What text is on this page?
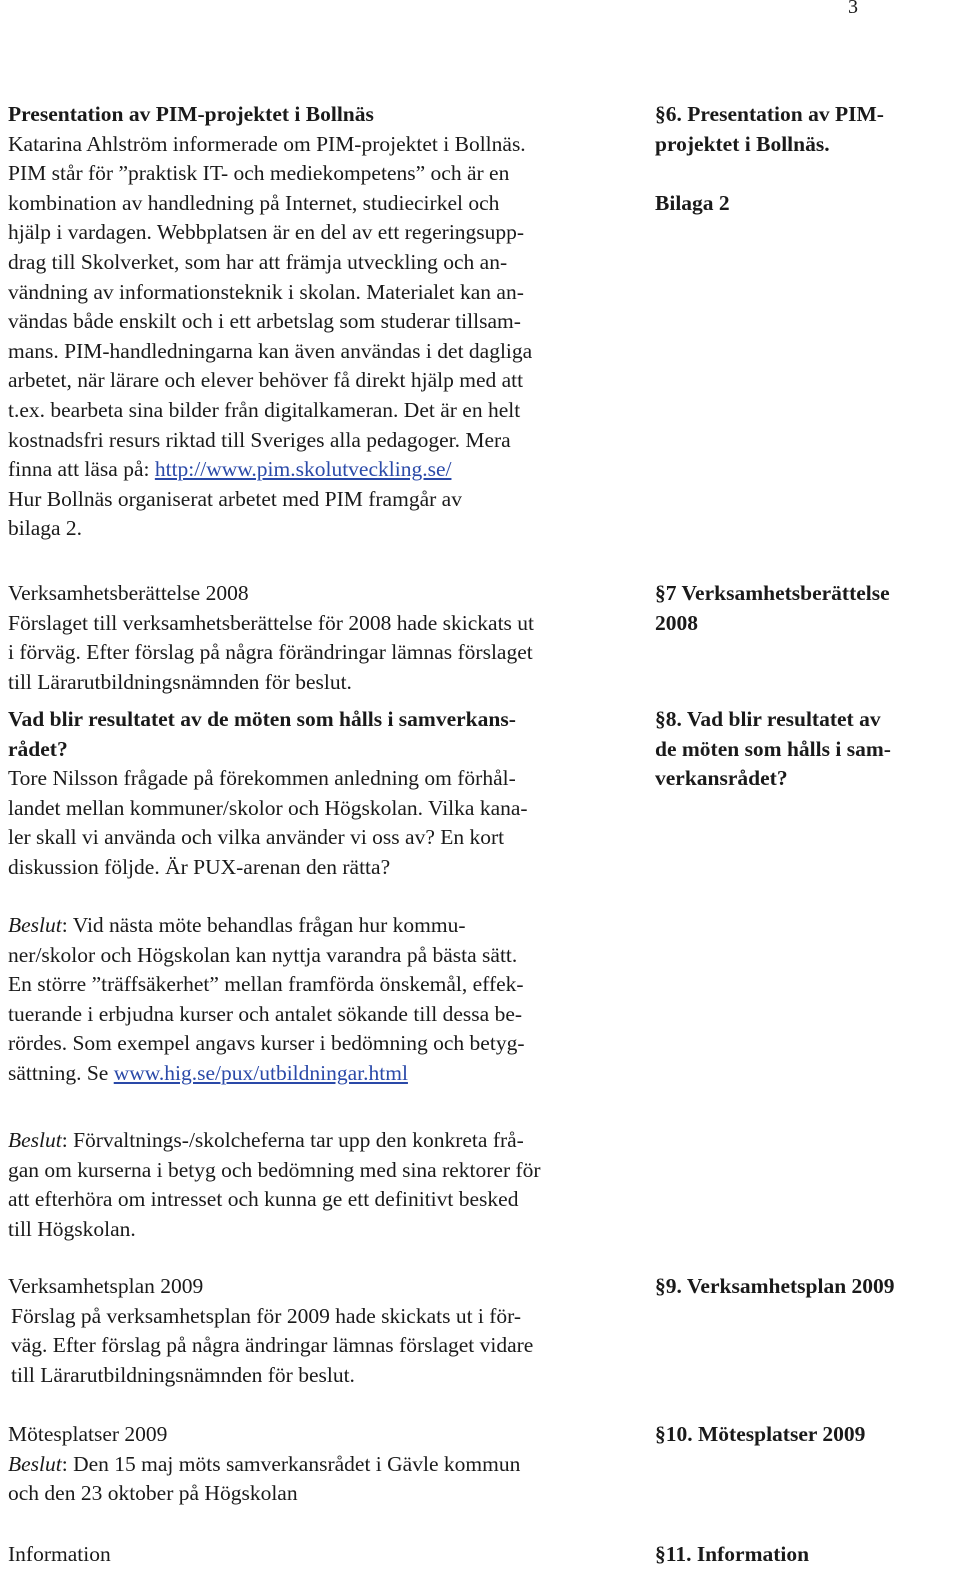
3

Presentation av PIM-projektet i Bollnäs

Katarina Ahlström informerade om PIM-projektet i Bollnäs.

PIM står för ”praktisk IT- och mediekompetens” och är en

kombination av handledning på Internet, studiecirkel och

hjälp i vardagen. Webbplatsen är en del av ett regeringsupp-

drag till Skolverket, som har att främja utveckling och an-

vändning av informationsteknik i skolan. Materialet kan an-

vändas både enskilt och i ett arbetslag som studerar tillsam-

mans. PIM-handledningarna kan även användas i det dagliga

arbetet, när lärare och elever behöver få direkt hjälp med att

t.ex. bearbeta sina bilder från digitalkameran. Det är en helt

kostnadsfri resurs riktad till Sveriges alla pedagoger. Mera

finna att läsa på: http://www.pim.skolutveckling.se/

Hur Bollnäs organiserat arbetet med PIM framgår av

bilaga 2.

Verksamhetsberättelse 2008

Förslaget till verksamhetsberättelse för 2008 hade skickats ut

i förväg. Efter förslag på några förändringar lämnas förslaget

till Lärarutbildningsnämnden för beslut.

Vad blir resultatet av de möten som hålls i samverkans-

rådet?

Tore Nilsson frågade på förekommen anledning om förhål-

landet mellan kommuner/skolor och Högskolan. Vilka kana-

ler skall vi använda och vilka använder vi oss av? En kort

diskussion följde. Är PUX-arenan den rätta?

Beslut: Vid nästa möte behandlas frågan hur kommu-

ner/skolor och Högskolan kan nyttja varandra på bästa sätt.

En större ”träffsäkerhet” mellan framförda önskemål, effek-

tuerande i erbjudna kurser och antalet sökande till dessa be-

rördes. Som exempel angavs kurser i bedömning och betyg-

sättning. Se www.hig.se/pux/utbildningar.html

Beslut: Förvaltnings-/skolcheferna tar upp den konkreta frå-

gan om kurserna i betyg och bedömning med sina rektorer för

att efterhöra om intresset och kunna ge ett definitivt besked

till Högskolan.

Verksamhetsplan 2009

Förslag på verksamhetsplan för 2009 hade skickats ut i för-

väg. Efter förslag på några ändringar lämnas förslaget vidare

till Lärarutbildningsnämnden för beslut.

Mötesplatser 2009

Beslut: Den 15 maj möts samverkansrådet i Gävle kommun

och den 23 oktober på Högskolan

Information

§6. Presentation av PIM-

projektet i Bollnäs.

Bilaga 2

§7 Verksamhetsberättelse

2008

§8. Vad blir resultatet av

de möten som hålls i sam-

verkansrådet?

§9. Verksamhetsplan 2009

§10. Mötesplatser 2009

§11. Information
